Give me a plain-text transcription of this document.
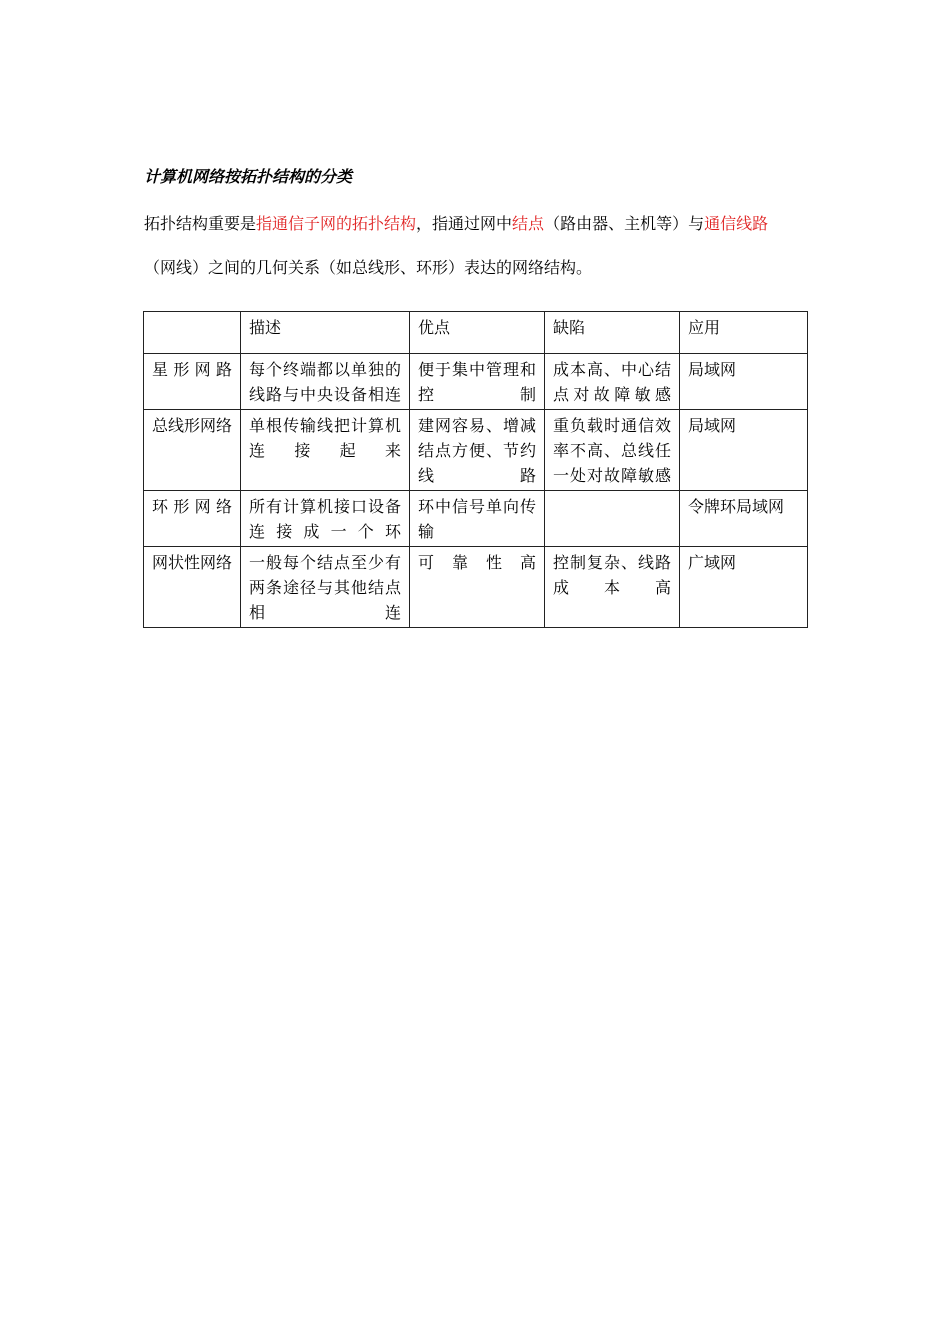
计算机网络按拓扑结构的分类
拓扑结构重要是指通信子网的拓扑结构，指通过网中结点（路由器、主机等）与通信线路
（网线）之间的几何关系（如总线形、环形）表达的网络结构。
	描述	优点	缺陷	应用
星形网路	每个终端都以单独的线路与中央设备相连	便于集中管理和控制	成本高、中心结点对故障敏感	局域网
总线形网络	单根传输线把计算机连接起来	建网容易、增减结点方便、节约线路	重负载时通信效率不高、总线任一处对故障敏感	局域网
环形网络	所有计算机接口设备连接成一个环	环中信号单向传输		令牌环局域网
网状性网络	一般每个结点至少有两条途径与其他结点相连	可靠性高	控制复杂、线路成本高	广域网
